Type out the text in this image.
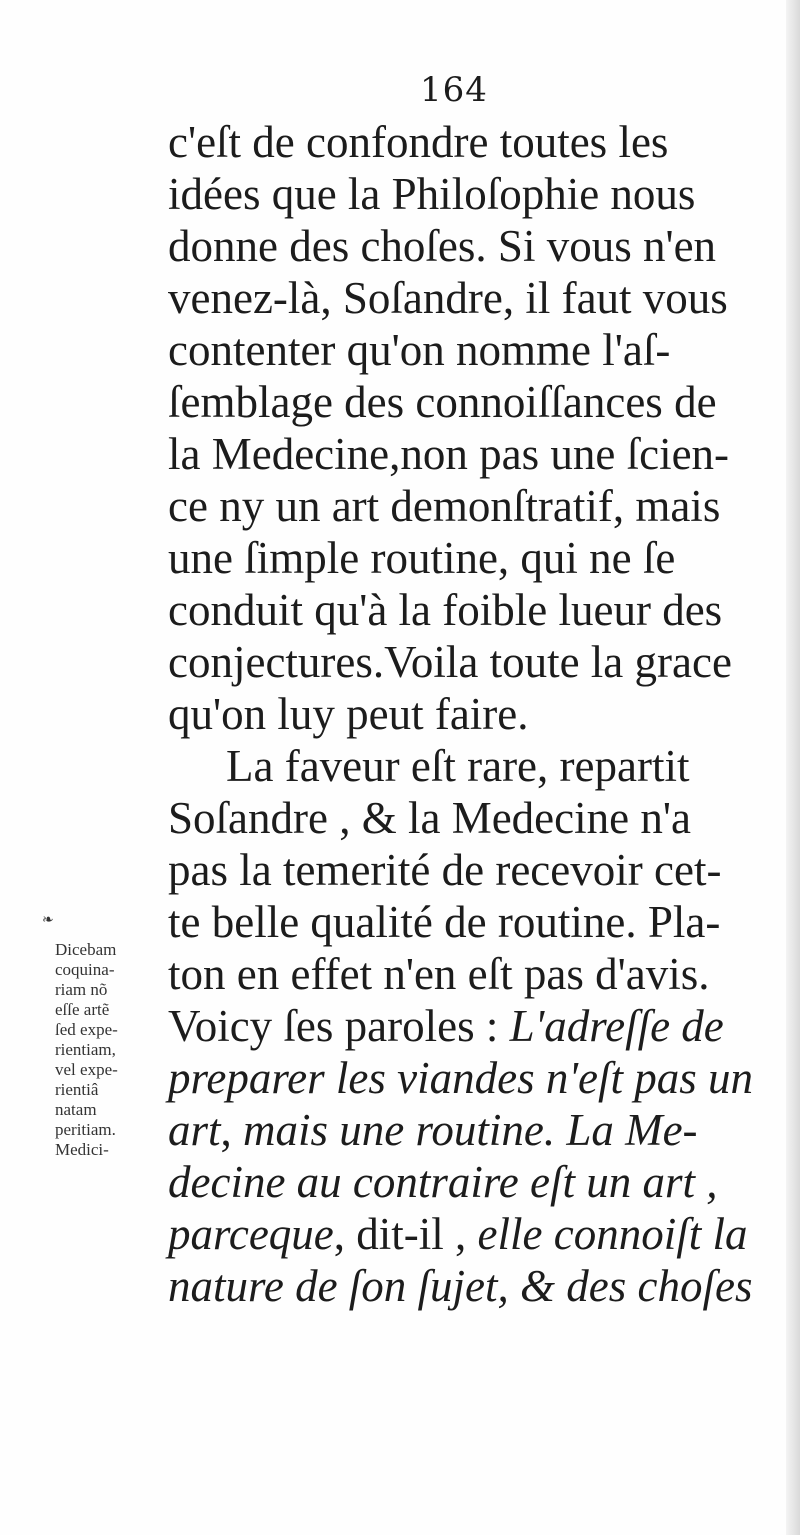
164
❧
c'eſt de confondre toutes les
idées que la Philoſophie nous
donne des choſes. Si vous n'en
venez-là, Soſandre, il faut vous
contenter qu'on nomme l'aſ-
ſemblage des connoiſſances de
la Medecine,non pas une ſcien-
ce ny un art demonſtratif, mais
une ſimple routine, qui ne ſe
conduit qu'à la foible lueur des
conjectures.Voila toute la grace
qu'on luy peut faire.
La faveur eſt rare, repartit
Soſandre , & la Medecine n'a
pas la temerité de recevoir cet-
te belle qualité de routine. Pla-
ton en effet n'en eſt pas d'avis.
Voicy ſes paroles : L'adreſſe de
preparer les viandes n'eſt pas un
art, mais une routine. La Me-
decine au contraire eſt un art ,
parceque, dit-il , elle connoiſt la
nature de ſon ſujet, & des choſes
Dicebam
coquina-
riam nõ
eſſe artẽ
ſed expe-
rientiam,
vel expe-
rientiâ
natam
peritiam.
Medici-
